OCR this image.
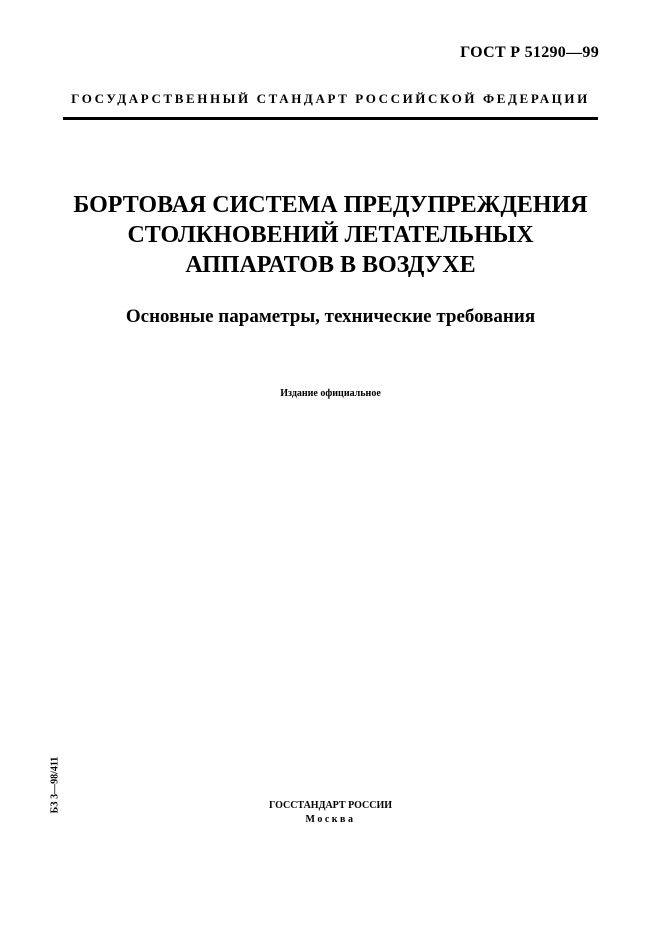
ГОСТ Р 51290—99
ГОСУДАРСТВЕННЫЙ СТАНДАРТ РОССИЙСКОЙ ФЕДЕРАЦИИ
БОРТОВАЯ СИСТЕМА ПРЕДУПРЕЖДЕНИЯ
СТОЛКНОВЕНИЙ ЛЕТАТЕЛЬНЫХ
АППАРАТОВ В ВОЗДУХЕ
Основные параметры, технические требования
Издание официальное
БЗ 3—98/411	ГОССТАНДАРТ РОССИИ
Москва
